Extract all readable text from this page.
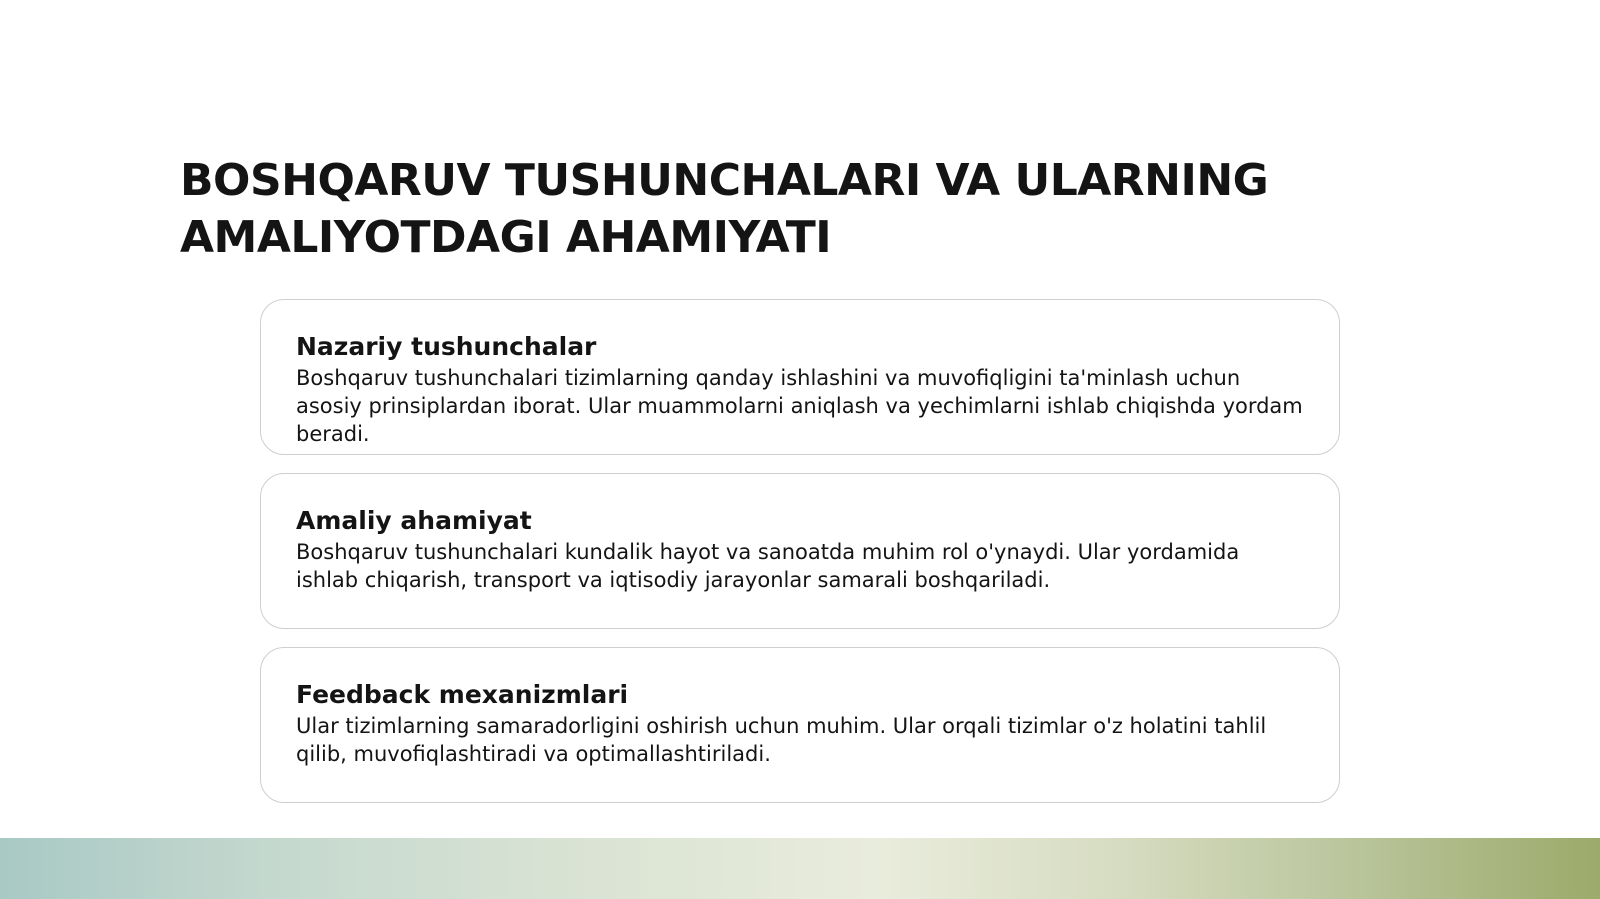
BOSHQARUV TUSHUNCHALARI VA ULARNING
AMALIYOTDAGI AHAMIYATI
Nazariy tushunchalar

Boshqaruv tushunchalari tizimlarning qanday ishlashini va muvofiqligini ta'minlash uchun asosiy prinsiplardan iborat. Ular muammolarni aniqlash va yechimlarni ishlab chiqishda yordam beradi.

Amaliy ahamiyat

Boshqaruv tushunchalari kundalik hayot va sanoatda muhim rol o'ynaydi. Ular yordamida ishlab chiqarish, transport va iqtisodiy jarayonlar samarali boshqariladi.

Feedback mexanizmlari

Ular tizimlarning samaradorligini oshirish uchun muhim. Ular orqali tizimlar o'z holatini tahlil qilib, muvofiqlashtiradi va optimallashtiriladi.
